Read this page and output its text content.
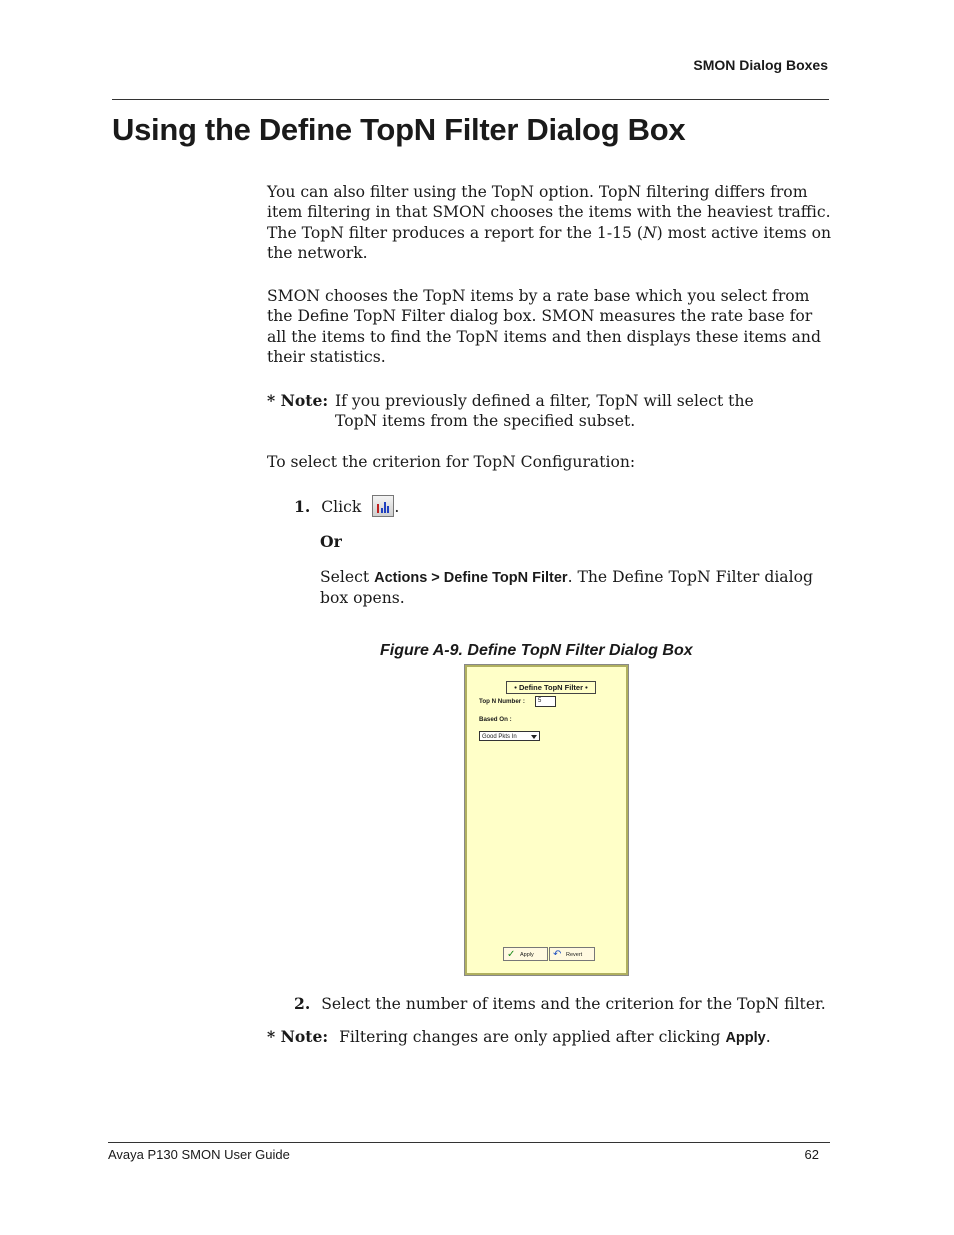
SMON Dialog Boxes
Using the Define TopN Filter Dialog Box

You can also filter using the TopN option. TopN filtering differs from item filtering in that SMON chooses the items with the heaviest traffic. The TopN filter produces a report for the 1-15 (N) most active items on the network.

SMON chooses the TopN items by a rate base which you select from the Define TopN Filter dialog box. SMON measures the rate base for all the items to find the TopN items and then displays these items and their statistics.

* Note: If you previously defined a filter, TopN will select the TopN items from the specified subset.
To select the criterion for TopN Configuration:
1. Click .
Or
Select Actions > Define TopN Filter. The Define TopN Filter dialog box opens.
Figure A-9. Define TopN Filter Dialog Box
• Define TopN Filter •
Top N Number :	5
Based On :
Good Pkts In
✓ Apply ↶ Revert
2. Select the number of items and the criterion for the TopN filter.
* Note: Filtering changes are only applied after clicking Apply.
Avaya P130 SMON User Guide	62
